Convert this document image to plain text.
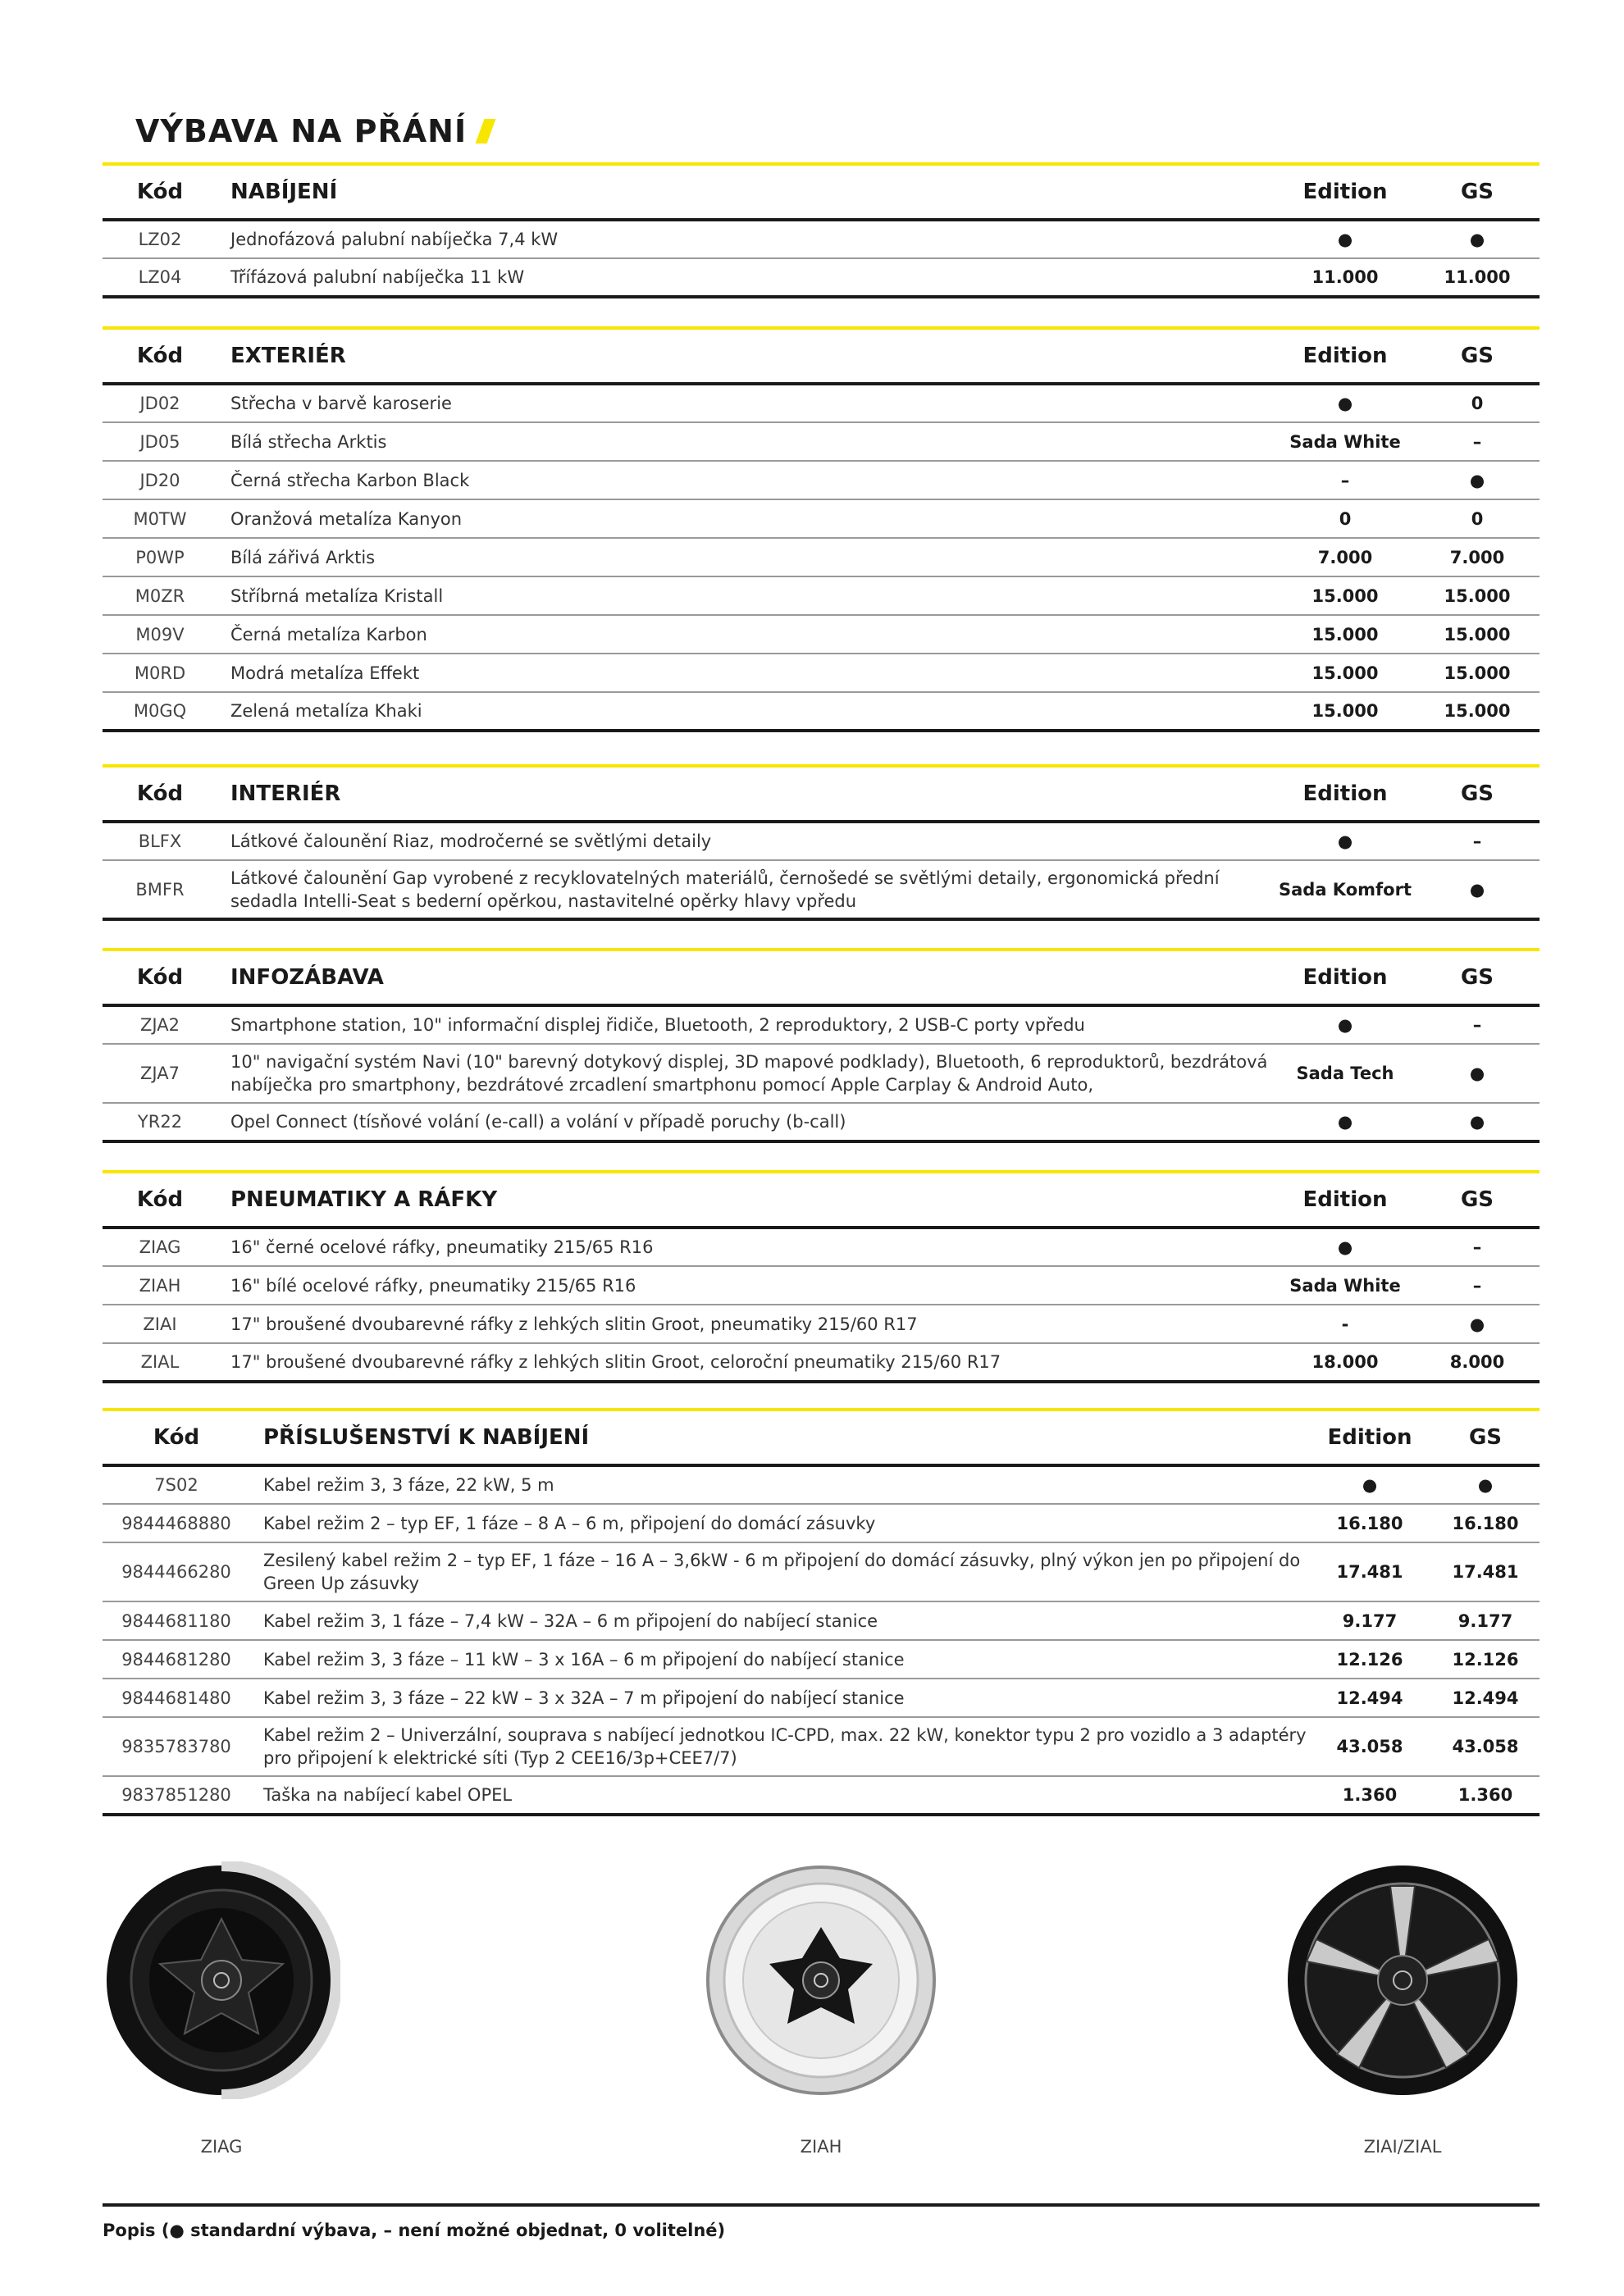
VÝBAVA NA PŘÁNÍ
Kód	NABÍJENÍ	Edition	GS
LZ02	Jednofázová palubní nabíječka 7,4 kW	●	●
LZ04	Třífázová palubní nabíječka 11 kW	11.000	11.000
Kód	EXTERIÉR	Edition	GS
JD02	Střecha v barvě karoserie	●	0
JD05	Bílá střecha Arktis	Sada White	–
JD20	Černá střecha Karbon Black	–	●
M0TW	Oranžová metalíza Kanyon	0	0
P0WP	Bílá zářivá Arktis	7.000	7.000
M0ZR	Stříbrná metalíza Kristall	15.000	15.000
M09V	Černá metalíza Karbon	15.000	15.000
M0RD	Modrá metalíza Effekt	15.000	15.000
M0GQ	Zelená metalíza Khaki	15.000	15.000
Kód	INTERIÉR	Edition	GS
BLFX	Látkové čalounění Riaz, modročerné se světlými detaily	●	–
BMFR	Látkové čalounění Gap vyrobené z recyklovatelných materiálů, černošedé se světlými detaily, ergonomická přední sedadla Intelli-Seat s bederní opěrkou, nastavitelné opěrky hlavy vpředu	Sada Komfort	●
Kód	INFOZÁBAVA	Edition	GS
ZJA2	Smartphone station, 10" informační displej řidiče, Bluetooth, 2 reproduktory, 2 USB-C porty vpředu	●	–
ZJA7	10" navigační systém Navi (10" barevný dotykový displej, 3D mapové podklady), Bluetooth, 6 reproduktorů, bezdrátová nabíječka pro smartphony, bezdrátové zrcadlení smartphonu pomocí Apple Carplay & Android Auto,	Sada Tech	●
YR22	Opel Connect (tísňové volání (e-call) a volání v případě poruchy (b-call)	●	●
Kód	PNEUMATIKY A RÁFKY	Edition	GS
ZIAG	16" černé ocelové ráfky, pneumatiky 215/65 R16	●	–
ZIAH	16" bílé ocelové ráfky, pneumatiky 215/65 R16	Sada White	–
ZIAI	17" broušené dvoubarevné ráfky z lehkých slitin Groot, pneumatiky 215/60 R17	-	●
ZIAL	17" broušené dvoubarevné ráfky z lehkých slitin Groot, celoroční pneumatiky 215/60 R17	18.000	8.000
Kód	PŘÍSLUŠENSTVÍ K NABÍJENÍ	Edition	GS
7S02	Kabel režim 3, 3 fáze, 22 kW, 5 m	●	●
9844468880	Kabel režim 2 – typ EF, 1 fáze – 8 A – 6 m, připojení do domácí zásuvky	16.180	16.180
9844466280	Zesilený kabel režim 2 – typ EF, 1 fáze – 16 A – 3,6kW - 6 m připojení do domácí zásuvky, plný výkon jen po připojení do Green Up zásuvky	17.481	17.481
9844681180	Kabel režim 3, 1 fáze – 7,4 kW – 32A – 6 m připojení do nabíjecí stanice	9.177	9.177
9844681280	Kabel režim 3, 3 fáze – 11 kW – 3 x 16A – 6 m připojení do nabíjecí stanice	12.126	12.126
9844681480	Kabel režim 3, 3 fáze – 22 kW – 3 x 32A – 7 m připojení do nabíjecí stanice	12.494	12.494
9835783780	Kabel režim 2 – Univerzální, souprava s nabíjecí jednotkou IC-CPD, max. 22 kW, konektor typu 2 pro vozidlo a 3 adaptéry pro připojení k elektrické síti (Typ 2 CEE16/3p+CEE7/7)	43.058	43.058
9837851280	Taška na nabíjecí kabel OPEL	1.360	1.360
ZIAG	ZIAH	ZIAI/ZIAL
Popis (● standardní výbava, – není možné objednat, 0 volitelné)
